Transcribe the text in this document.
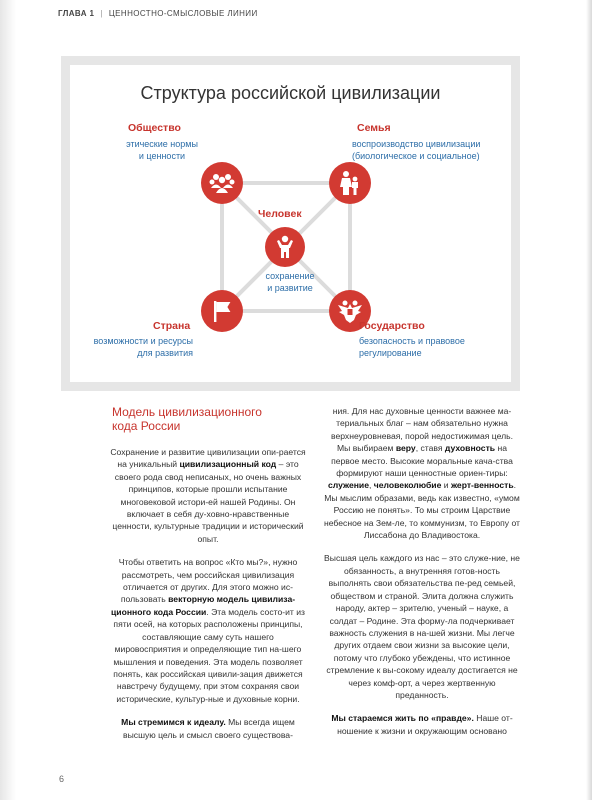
ГЛАВА 1 | ЦЕННОСТНО-СМЫСЛОВЫЕ ЛИНИИ
Структура российской цивилизации
Общество
этические нормы
и ценности
Семья
воспроизводство цивилизации
(биологическое и социальное)
Человек
сохранение
и развитие
Страна
возможности и ресурсы
для развития
Государство
безопасность и правовое
регулирование
Модель цивилизационного
кода России

Сохранение и развитие цивилизации опи-рается на уникальный цивилизационный код – это своего рода свод неписаных, но очень важных принципов, которые прошли испытание многовековой истори-ей нашей Родины. Он включает в себя ду-ховно-нравственные ценности, культурные традиции и исторический опыт.

Чтобы ответить на вопрос «Кто мы?», нужно рассмотреть, чем российская цивилизация отличается от других. Для этого можно ис-пользовать векторную модель цивилиза-ционного кода России. Эта модель состо-ит из пяти осей, на которых расположены принципы, составляющие саму суть нашего мировосприятия и определяющие тип на-шего мышления и поведения. Эта модель позволяет понять, как российская цивили-зация движется навстречу будущему, при этом сохраняя свои исторические, культур-ные и духовные корни.

Мы стремимся к идеалу. Мы всегда ищем высшую цель и смысл своего существова-

ния. Для нас духовные ценности важнее ма-териальных благ – нам обязательно нужна верхнеуровневая, порой недостижимая цель. Мы выбираем веру, ставя духовность на первое место. Высокие моральные кача-ства формируют наши ценностные ориен-тиры: служение, человеколюбие и жерт-венность. Мы мыслим образами, ведь как известно, «умом Россию не понять». То мы строим Царствие небесное на Зем-ле, то коммунизм, то Европу от Лиссабона до Владивостока.

Высшая цель каждого из нас – это служе-ние, не обязанность, а внутренняя готов-ность выполнять свои обязательства пе-ред семьей, обществом и страной. Элита должна служить народу, актер – зрителю, ученый – науке, а солдат – Родине. Эта форму-ла подчеркивает важность служения в на-шей жизни. Мы легче других отдаем свои жизни за высокие цели, потому что глубоко убеждены, что истинное стремление к вы-сокому идеалу достигается не через комф-орт, а через жертвенную преданность.

Мы стараемся жить по «правде». Наше от-ношение к жизни и окружающим основано

6
